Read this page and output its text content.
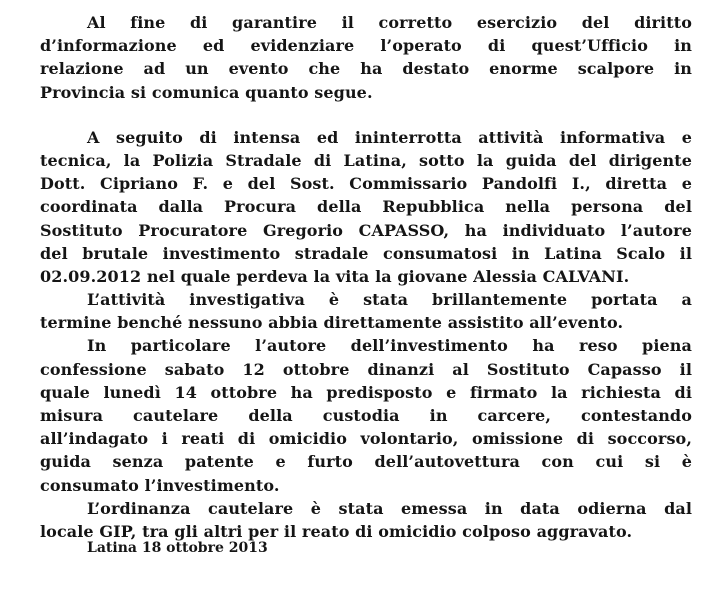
Al fine di garantire il corretto esercizio del diritto
d’informazione ed evidenziare l’operato di quest’Ufficio in
relazione ad un evento che ha destato enorme scalpore in
Provincia si comunica quanto segue.
A seguito di intensa ed ininterrotta attività informativa e
tecnica, la Polizia Stradale di Latina, sotto la guida del dirigente
Dott. Cipriano F. e del Sost. Commissario Pandolfi I., diretta e
coordinata dalla Procura della Repubblica nella persona del
Sostituto Procuratore Gregorio CAPASSO, ha individuato l’autore
del brutale investimento stradale consumatosi in Latina Scalo il
02.09.2012 nel quale perdeva la vita la giovane Alessia CALVANI.
L’attività investigativa è stata brillantemente portata a
termine benché nessuno abbia direttamente assistito all’evento.
In particolare l’autore dell’investimento ha reso piena
confessione sabato 12 ottobre dinanzi al Sostituto Capasso il
quale lunedì 14 ottobre ha predisposto e firmato la richiesta di
misura cautelare della custodia in carcere, contestando
all’indagato i reati di omicidio volontario, omissione di soccorso,
guida senza patente e furto dell’autovettura con cui si è
consumato l’investimento.
L’ordinanza cautelare è stata emessa in data odierna dal
locale GIP, tra gli altri per il reato di omicidio colposo aggravato.
Latina 18 ottobre 2013
